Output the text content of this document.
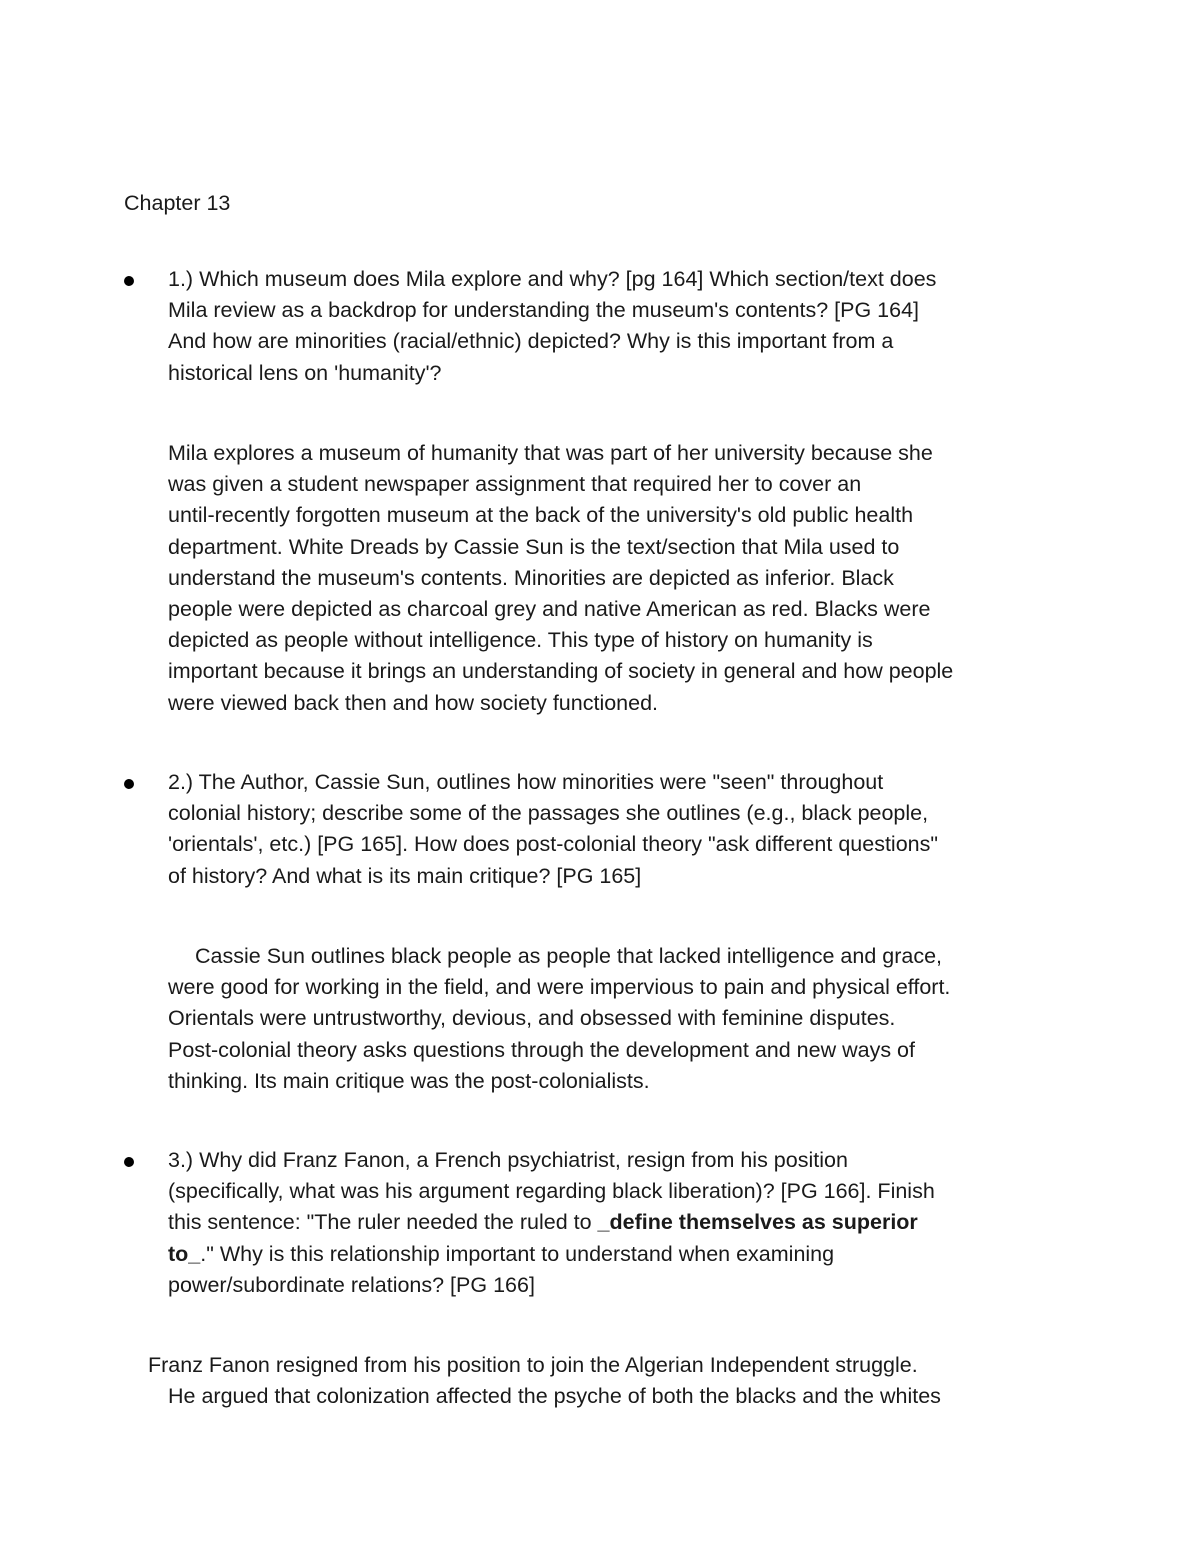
Chapter 13

1.) Which museum does Mila explore and why? [pg 164] Which section/text does
Mila review as a backdrop for understanding the museum's contents? [PG 164]
And how are minorities (racial/ethnic) depicted? Why is this important from a
historical lens on 'humanity'?

Mila explores a museum of humanity that was part of her university because she
was given a student newspaper assignment that required her to cover an
until-recently forgotten museum at the back of the university's old public health
department. White Dreads by Cassie Sun is the text/section that Mila used to
understand the museum's contents. Minorities are depicted as inferior. Black
people were depicted as charcoal grey and native American as red. Blacks were
depicted as people without intelligence. This type of history on humanity is
important because it brings an understanding of society in general and how people
were viewed back then and how society functioned.

2.) The Author, Cassie Sun, outlines how minorities were "seen" throughout
colonial history; describe some of the passages she outlines (e.g., black people,
'orientals', etc.) [PG 165]. How does post-colonial theory "ask different questions"
of history? And what is its main critique? [PG 165]

Cassie Sun outlines black people as people that lacked intelligence and grace,
were good for working in the field, and were impervious to pain and physical effort.
Orientals were untrustworthy, devious, and obsessed with feminine disputes.
Post-colonial theory asks questions through the development and new ways of
thinking. Its main critique was the post-colonialists.

3.) Why did Franz Fanon, a French psychiatrist, resign from his position
(specifically, what was his argument regarding black liberation)? [PG 166]. Finish
this sentence: "The ruler needed the ruled to _define themselves as superior
to_." Why is this relationship important to understand when examining
power/subordinate relations? [PG 166]

Franz Fanon resigned from his position to join the Algerian Independent struggle.
He argued that colonization affected the psyche of both the blacks and the whites
